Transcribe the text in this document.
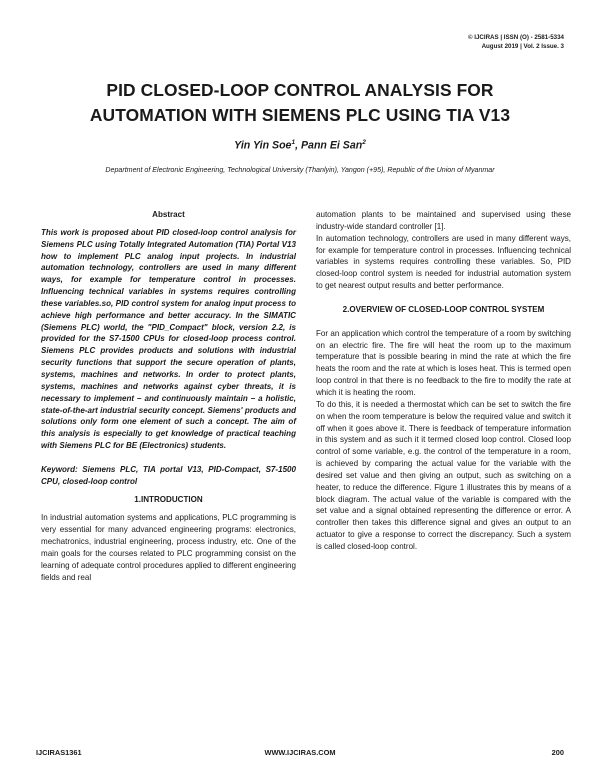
© IJCIRAS | ISSN (O) - 2581-5334
August 2019 | Vol. 2 Issue. 3
PID CLOSED-LOOP CONTROL ANALYSIS FOR
AUTOMATION WITH SIEMENS PLC USING TIA V13
Yin Yin Soe$^1$, Pann Ei San$^2$
Department of Electronic Engineering, Technological University (Thanlyin), Yangon (+95), Republic of the Union of Myanmar

Abstract

This work is proposed about PID closed-loop control analysis for Siemens PLC using Totally Integrated Automation (TIA) Portal V13 how to implement PLC analog input projects. In industrial automation technology, controllers are used in many different ways, for example for temperature control in processes. Influencing technical variables in systems requires controlling these variables.so, PID control system for analog input process to achieve high performance and better accuracy. In the SIMATIC (Siemens PLC) world, the "PID_Compact" block, version 2.2, is provided for the S7-1500 CPUs for closed-loop process control. Siemens PLC provides products and solutions with industrial security functions that support the secure operation of plants, systems, machines and networks. In order to protect plants, systems, machines and networks against cyber threats, it is necessary to implement – and continuously maintain – a holistic, state-of-the-art industrial security concept. Siemens' products and solutions only form one element of such a concept. The aim of this analysis is especially to get knowledge of practical teaching with Siemens PLC for BE (Electronics) students.

Keyword: Siemens PLC, TIA portal V13, PID-Compact, S7-1500 CPU, closed-loop control

1.INTRODUCTION

In industrial automation systems and applications, PLC programming is very essential for many advanced engineering programs: electronics, mechatronics, industrial engineering, process industry, etc. One of the main goals for the courses related to PLC programming consist on the learning of adequate control procedures applied to different engineering fields and real

automation plants to be maintained and supervised using these industry-wide standard controller [1].

In automation technology, controllers are used in many different ways, for example for temperature control in processes. Influencing technical variables in systems requires controlling these variables. So, PID closed-loop control system is needed for industrial automation system to get nearest output results and better performance.

2.OVERVIEW OF CLOSED-LOOP CONTROL SYSTEM

For an application which control the temperature of a room by switching on an electric fire. The fire will heat the room up to the maximum temperature that is possible bearing in mind the rate at which the fire heats the room and the rate at which is loses heat. This is termed open loop control in that there is no feedback to the fire to modify the rate at which it is heating the room.

To do this, it is needed a thermostat which can be set to switch the fire on when the room temperature is below the required value and switch it off when it goes above it. There is feedback of temperature information in this system and as such it it termed closed loop control. Closed loop control of some variable, e.g. the control of the temperature in a room, is achieved by comparing the actual value for the variable with the desired set value and then giving an output, such as switching on a heater, to reduce the difference. Figure 1 illustrates this by means of a block diagram. The actual value of the variable is compared with the set value and a signal obtained representing the difference or error. A controller then takes this difference signal and gives an output to an actuator to give a response to correct the discrepancy. Such a system is called closed-loop control.

IJCIRAS1361	WWW.IJCIRAS.COM	200
